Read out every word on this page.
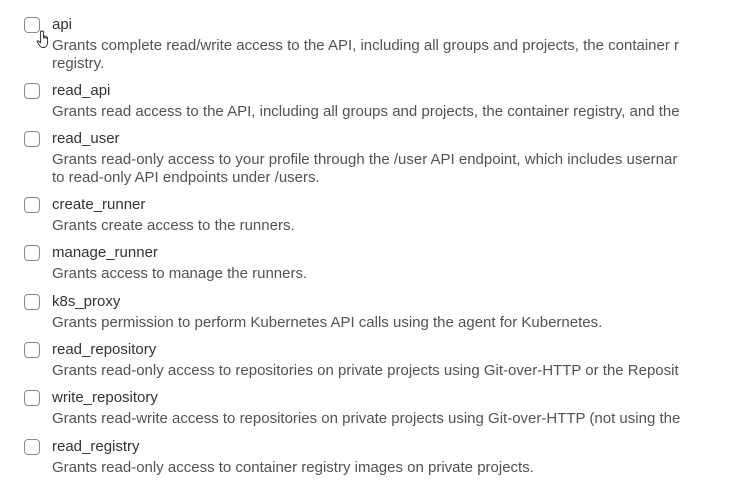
api
Grants complete read/write access to the API, including all groups and projects, the container r
registry.
read_api
Grants read access to the API, including all groups and projects, the container registry, and the
read_user
Grants read-only access to your profile through the /user API endpoint, which includes usernar
to read-only API endpoints under /users.
create_runner
Grants create access to the runners.
manage_runner
Grants access to manage the runners.
k8s_proxy
Grants permission to perform Kubernetes API calls using the agent for Kubernetes.
read_repository
Grants read-only access to repositories on private projects using Git-over-HTTP or the Reposit
write_repository
Grants read-write access to repositories on private projects using Git-over-HTTP (not using the
read_registry
Grants read-only access to container registry images on private projects.
